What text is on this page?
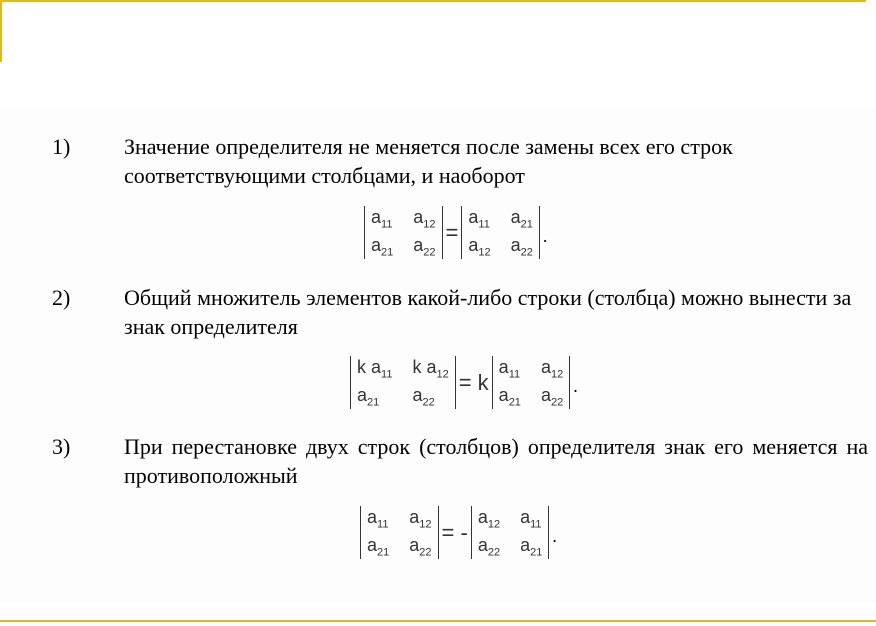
1) Значение определителя не меняется после замены всех его строк соответствующими столбцами, и наоборот
$a_{11}$ $a_{12}$
$a_{21}$ $a_{22}$
=
$a_{11}$ $a_{21}$
$a_{12}$ $a_{22}$
.
2) Общий множитель элементов какой-либо строки (столбца) можно вынести за знак определителя
k $a_{11}$ k $a_{12}$
$a_{21}$	$a_{22}$
= k
$a_{11}$ $a_{12}$
$a_{21}$ $a_{22}$
.
3) При перестановке двух строк (столбцов) определителя знак его меняется на противоположный
$a_{11}$ $a_{12}$
$a_{21}$ $a_{22}$
= -
$a_{12}$ $a_{11}$
$a_{22}$ $a_{21}$
.
